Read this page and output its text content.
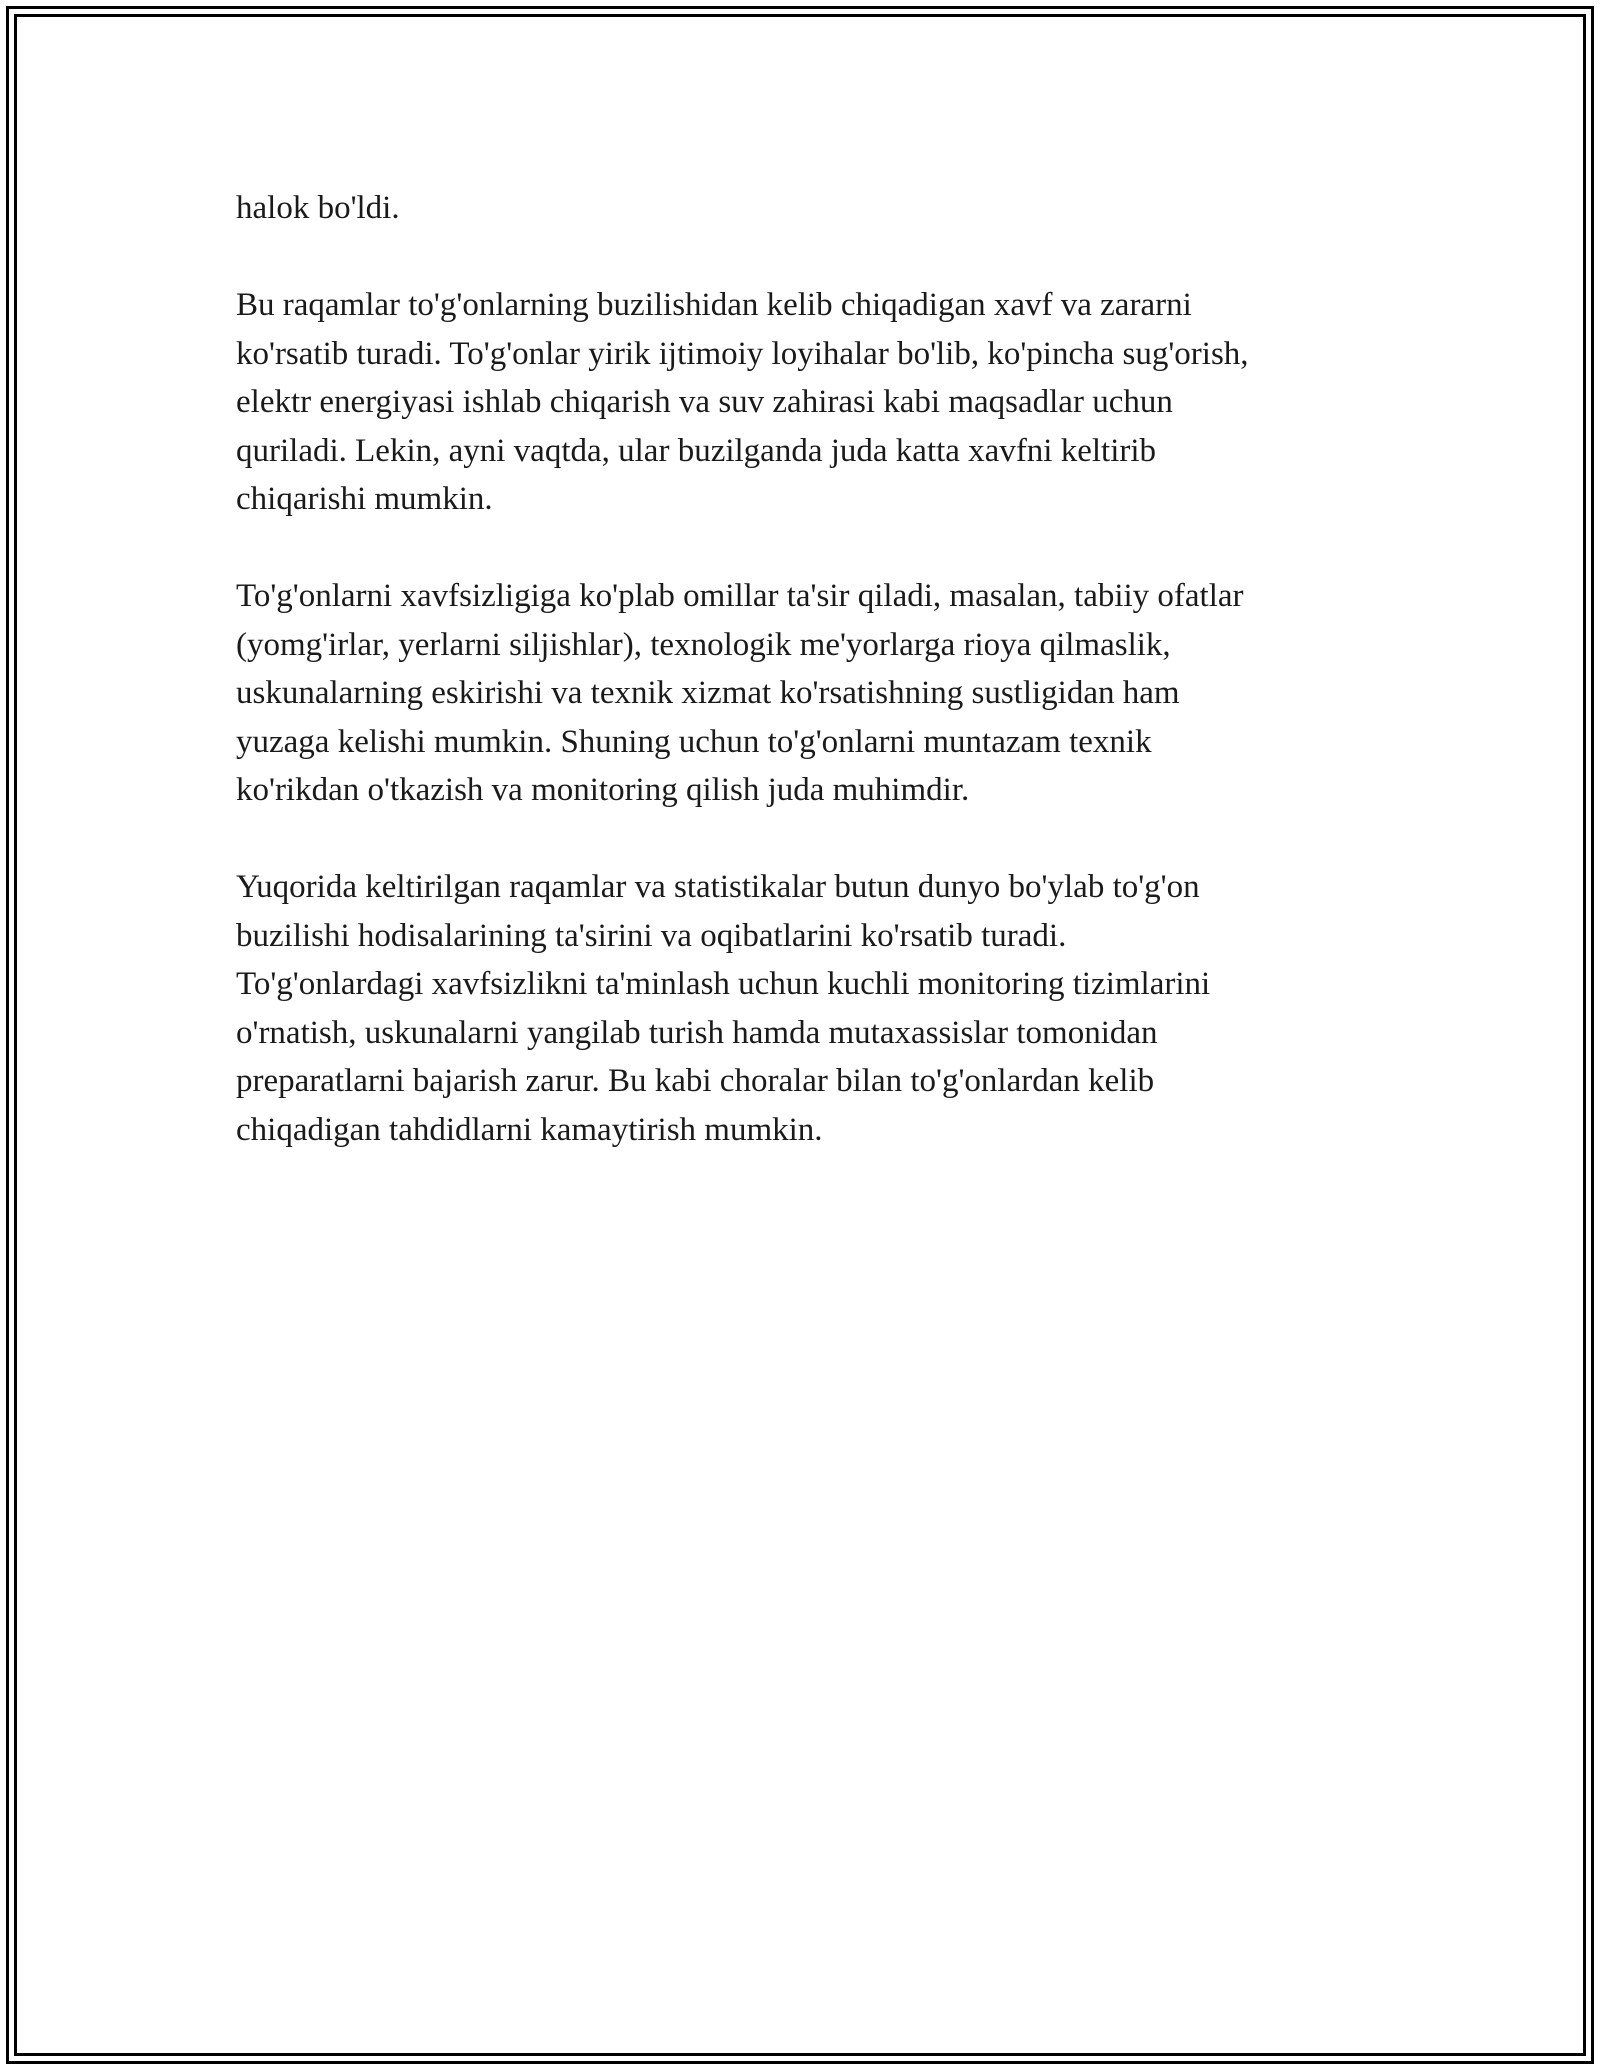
halok bo'ldi.
Bu raqamlar to'g'onlarning buzilishidan kelib chiqadigan xavf va zararni
ko'rsatib turadi. To'g'onlar yirik ijtimoiy loyihalar bo'lib, ko'pincha sug'orish,
elektr energiyasi ishlab chiqarish va suv zahirasi kabi maqsadlar uchun
quriladi. Lekin, ayni vaqtda, ular buzilganda juda katta xavfni keltirib
chiqarishi mumkin.
To'g'onlarni xavfsizligiga ko'plab omillar ta'sir qiladi, masalan, tabiiy ofatlar
(yomg'irlar, yerlarni siljishlar), texnologik me'yorlarga rioya qilmaslik,
uskunalarning eskirishi va texnik xizmat ko'rsatishning sustligidan ham
yuzaga kelishi mumkin. Shuning uchun to'g'onlarni muntazam texnik
ko'rikdan o'tkazish va monitoring qilish juda muhimdir.
Yuqorida keltirilgan raqamlar va statistikalar butun dunyo bo'ylab to'g'on
buzilishi hodisalarining ta'sirini va oqibatlarini ko'rsatib turadi.
To'g'onlardagi xavfsizlikni ta'minlash uchun kuchli monitoring tizimlarini
o'rnatish, uskunalarni yangilab turish hamda mutaxassislar tomonidan
preparatlarni bajarish zarur. Bu kabi choralar bilan to'g'onlardan kelib
chiqadigan tahdidlarni kamaytirish mumkin.
